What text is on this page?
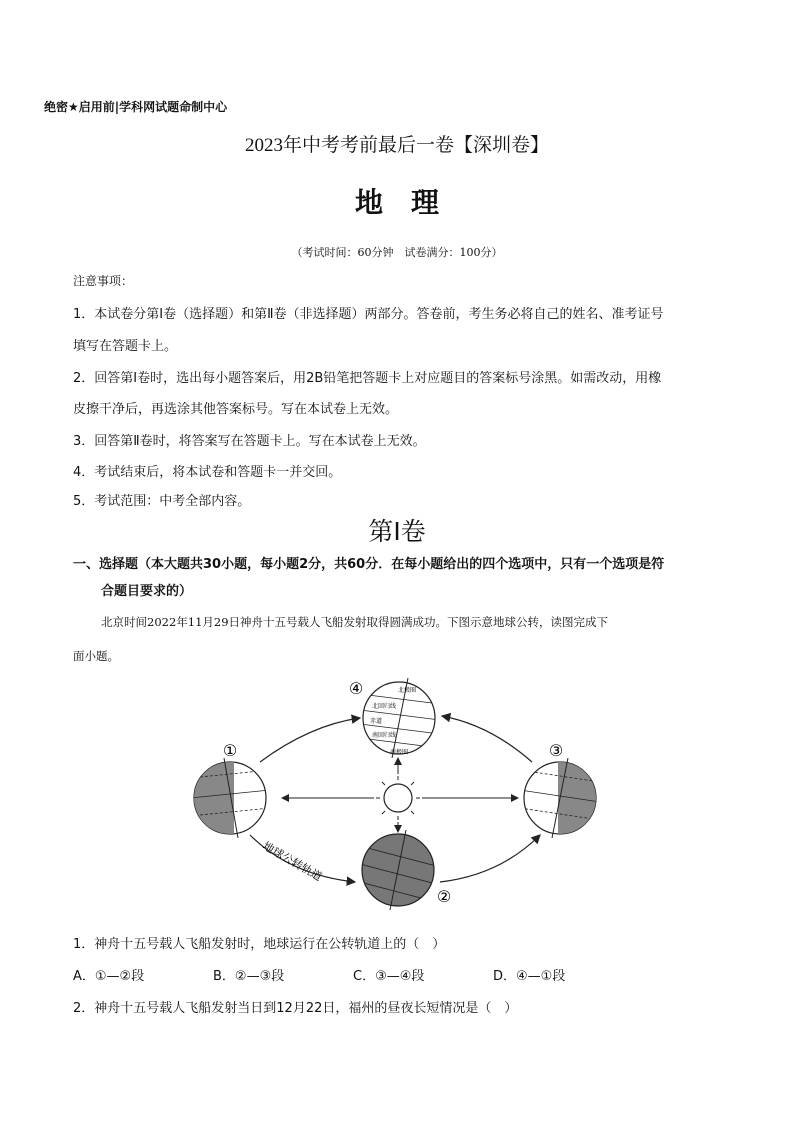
绝密★启用前|学科网试题命制中心
2023年中考考前最后一卷【深圳卷】
地理
（考试时间：60分钟　试卷满分：100分）
注意事项：
1．本试卷分第Ⅰ卷（选择题）和第Ⅱ卷（非选择题）两部分。答卷前，考生务必将自己的姓名、准考证号
填写在答题卡上。
2．回答第Ⅰ卷时，选出每小题答案后，用2B铅笔把答题卡上对应题目的答案标号涂黑。如需改动，用橡
皮擦干净后，再选涂其他答案标号。写在本试卷上无效。
3．回答第Ⅱ卷时，将答案写在答题卡上。写在本试卷上无效。
4．考试结束后，将本试卷和答题卡一并交回。
5．考试范围：中考全部内容。
第Ⅰ卷
一、选择题（本大题共30小题，每小题2分，共60分．在每小题给出的四个选项中，只有一个选项是符
合题目要求的）
北京时间2022年11月29日神舟十五号载人飞船发射取得圆满成功。下图示意地球公转，读图完成下
面小题。
①
②
③
④	北极圈
北回归线
赤道
南回归线
南极圈
地球公转轨道
1．神舟十五号载人飞船发射时，地球运行在公转轨道上的（　）
A．①—②段	B．②—③段	C．③—④段	D．④—①段
2．神舟十五号载人飞船发射当日到12月22日，福州的昼夜长短情况是（　）
